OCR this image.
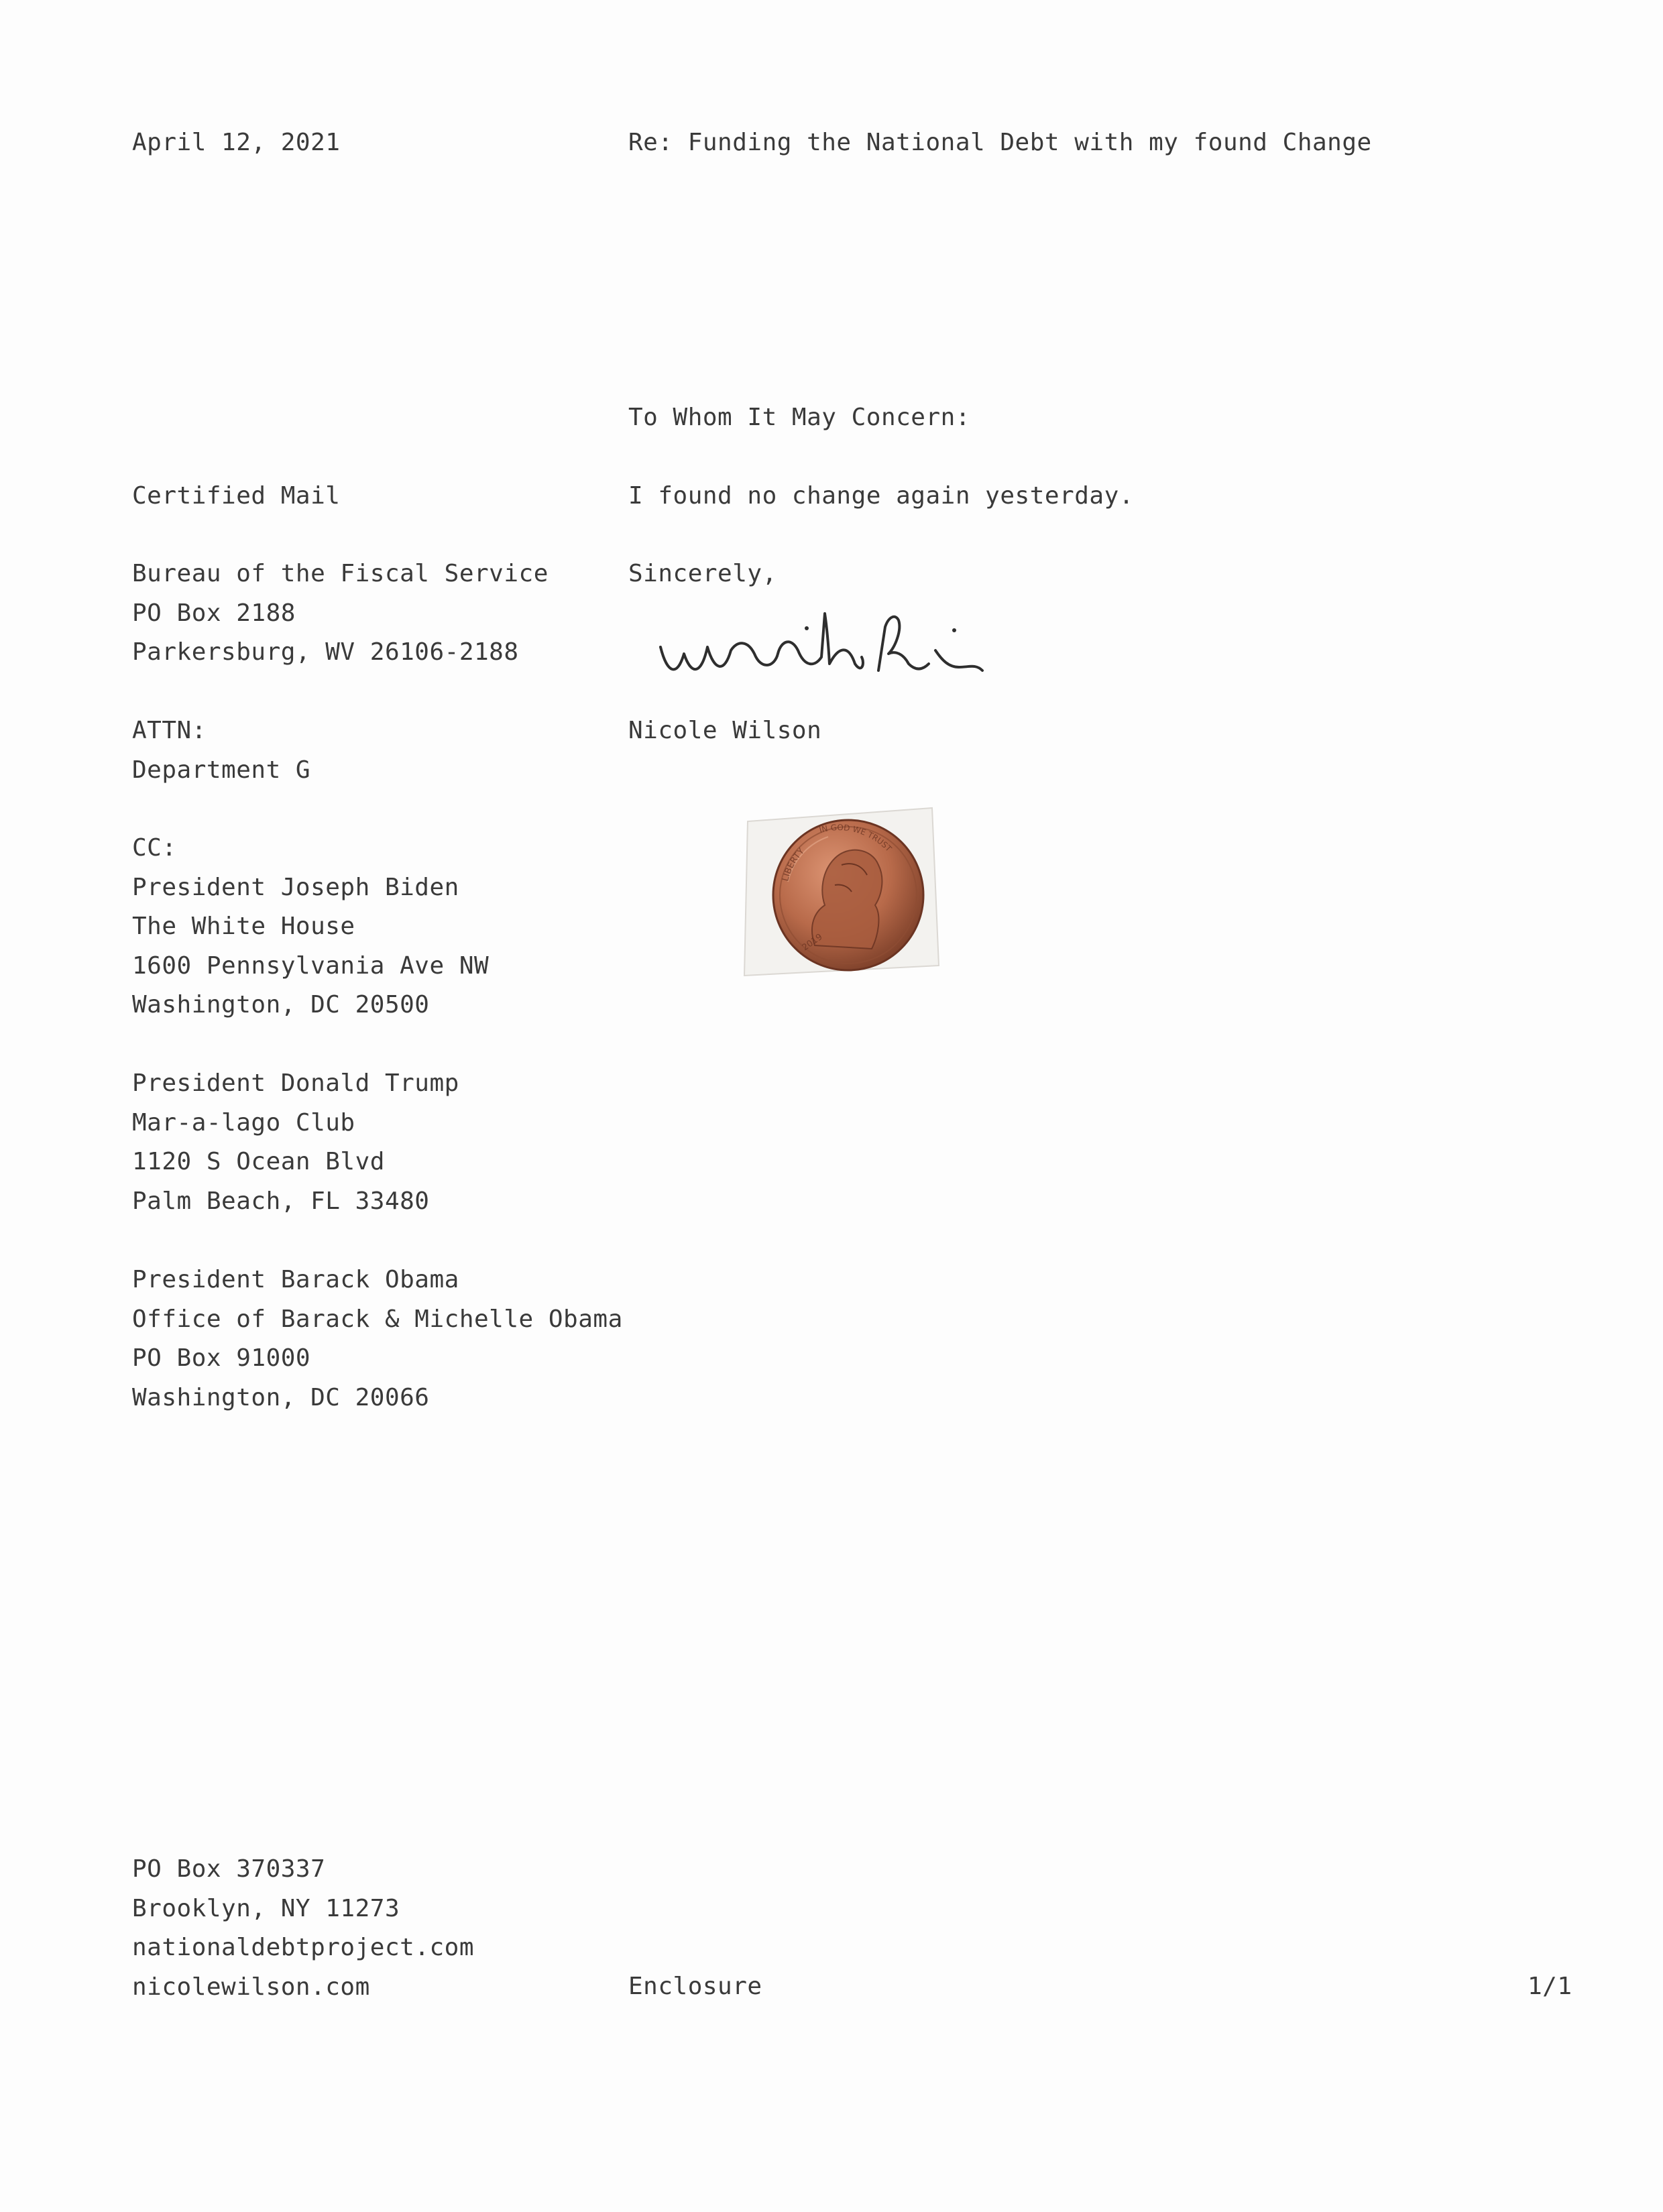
April 12, 2021	Re: Funding the National Debt with my found Change
To Whom It May Concern:
I found no change again yesterday.
Sincerely,
Nicole Wilson
LIBERTY
IN GOD WE TRUST
2019
Certified Mail
Bureau of the Fiscal Service
PO Box 2188
Parkersburg, WV 26106-2188
ATTN:
Department G
CC:
President Joseph Biden
The White House
1600 Pennsylvania Ave NW
Washington, DC 20500
President Donald Trump
Mar-a-lago Club
1120 S Ocean Blvd
Palm Beach, FL 33480
President Barack Obama
Office of Barack & Michelle Obama
PO Box 91000
Washington, DC 20066
PO Box 370337
Brooklyn, NY 11273
nationaldebtproject.com
nicolewilson.com	Enclosure	1/1
